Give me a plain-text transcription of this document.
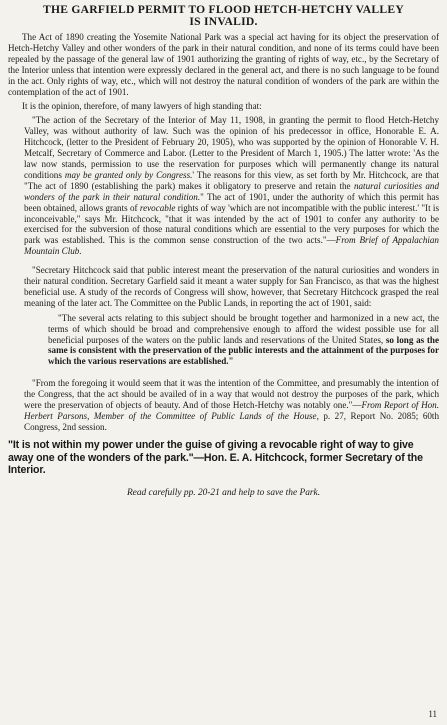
THE GARFIELD PERMIT TO FLOOD HETCH-HETCHY VALLEY
IS INVALID.

The Act of 1890 creating the Yosemite National Park was a special act having for its object the preservation of Hetch-Hetchy Valley and other wonders of the park in their natural condition, and none of its terms could have been repealed by the passage of the general law of 1901 authorizing the granting of rights of way, etc., by the Secretary of the Interior unless that intention were expressly declared in the general act, and there is no such language to be found in the act. Only rights of way, etc., which will not destroy the natural condition of wonders of the park are within the contemplation of the act of 1901.

It is the opinion, therefore, of many lawyers of high standing that:

"The action of the Secretary of the Interior of May 11, 1908, in granting the permit to flood Hetch-Hetchy Valley, was without authority of law. Such was the opinion of his predecessor in office, Honorable E. A. Hitchcock, (letter to the President of February 20, 1905), who was supported by the opinion of Honorable V. H. Metcalf, Secretary of Commerce and Labor. (Letter to the President of March 1, 1905.) The latter wrote: 'As the law now stands, permission to use the reservation for purposes which will permanently change its natural conditions may be granted only by Congress.' The reasons for this view, as set forth by Mr. Hitchcock, are that "The act of 1890 (establishing the park) makes it obligatory to preserve and retain the natural curiosities and wonders of the park in their natural condition." The act of 1901, under the authority of which this permit has been obtained, allows grants of revocable rights of way 'which are not incompatible with the public interest.' "It is inconceivable," says Mr. Hitchcock, "that it was intended by the act of 1901 to confer any authority to be exercised for the subversion of those natural conditions which are essential to the very purposes for which the park was established. This is the common sense construction of the two acts."—From Brief of Appalachian Mountain Club.

"Secretary Hitchcock said that public interest meant the preservation of the natural curiosities and wonders in their natural condition. Secretary Garfield said it meant a water supply for San Francisco, as that was the highest beneficial use. A study of the records of Congress will show, however, that Secretary Hitchcock grasped the real meaning of the later act. The Committee on the Public Lands, in reporting the act of 1901, said:

"The several acts relating to this subject should be brought together and harmonized in a new act, the terms of which should be broad and comprehensive enough to afford the widest possible use for all beneficial purposes of the waters on the public lands and reservations of the United States, so long as the same is consistent with the preservation of the public interests and the attainment of the purposes for which the various reservations are established."

"From the foregoing it would seem that it was the intention of the Committee, and presumably the intention of the Congress, that the act should be availed of in a way that would not destroy the purposes of the park, which were the preservation of objects of beauty. And of those Hetch-Hetchy was notably one."—From Report of Hon. Herbert Parsons, Member of the Committee of Public Lands of the House, p. 27, Report No. 2085; 60th Congress, 2nd session.

"It is not within my power under the guise of giving a revocable right of way to give away one of the wonders of the park."—Hon. E. A. Hitchcock, former Secretary of the Interior.

Read carefully pp. 20-21 and help to save the Park.

11
